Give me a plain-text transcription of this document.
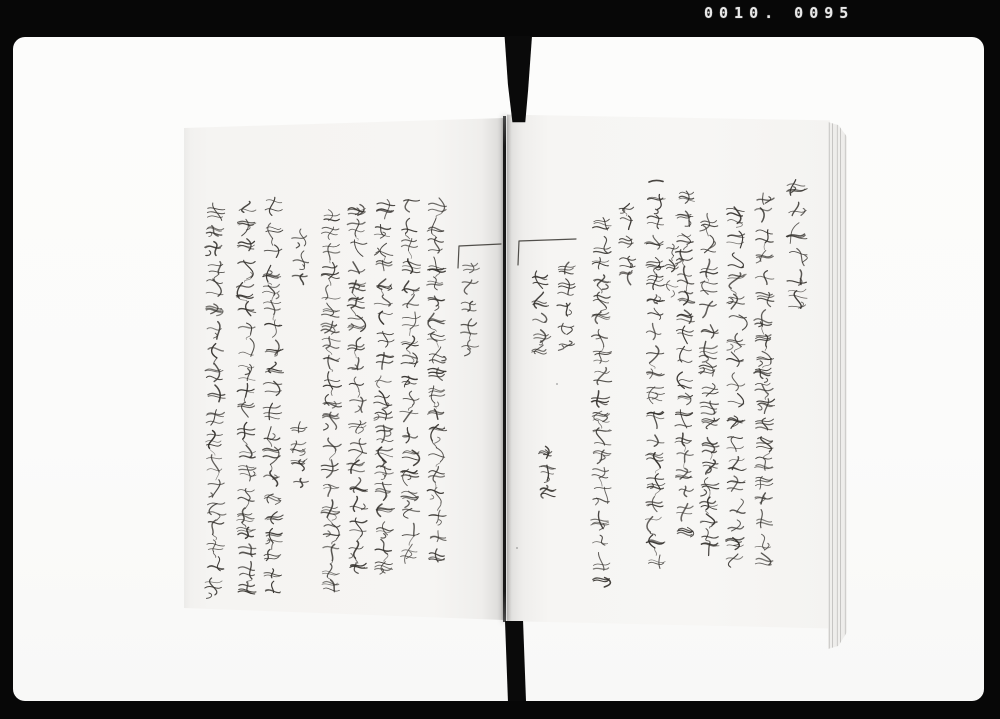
0010. 0095
